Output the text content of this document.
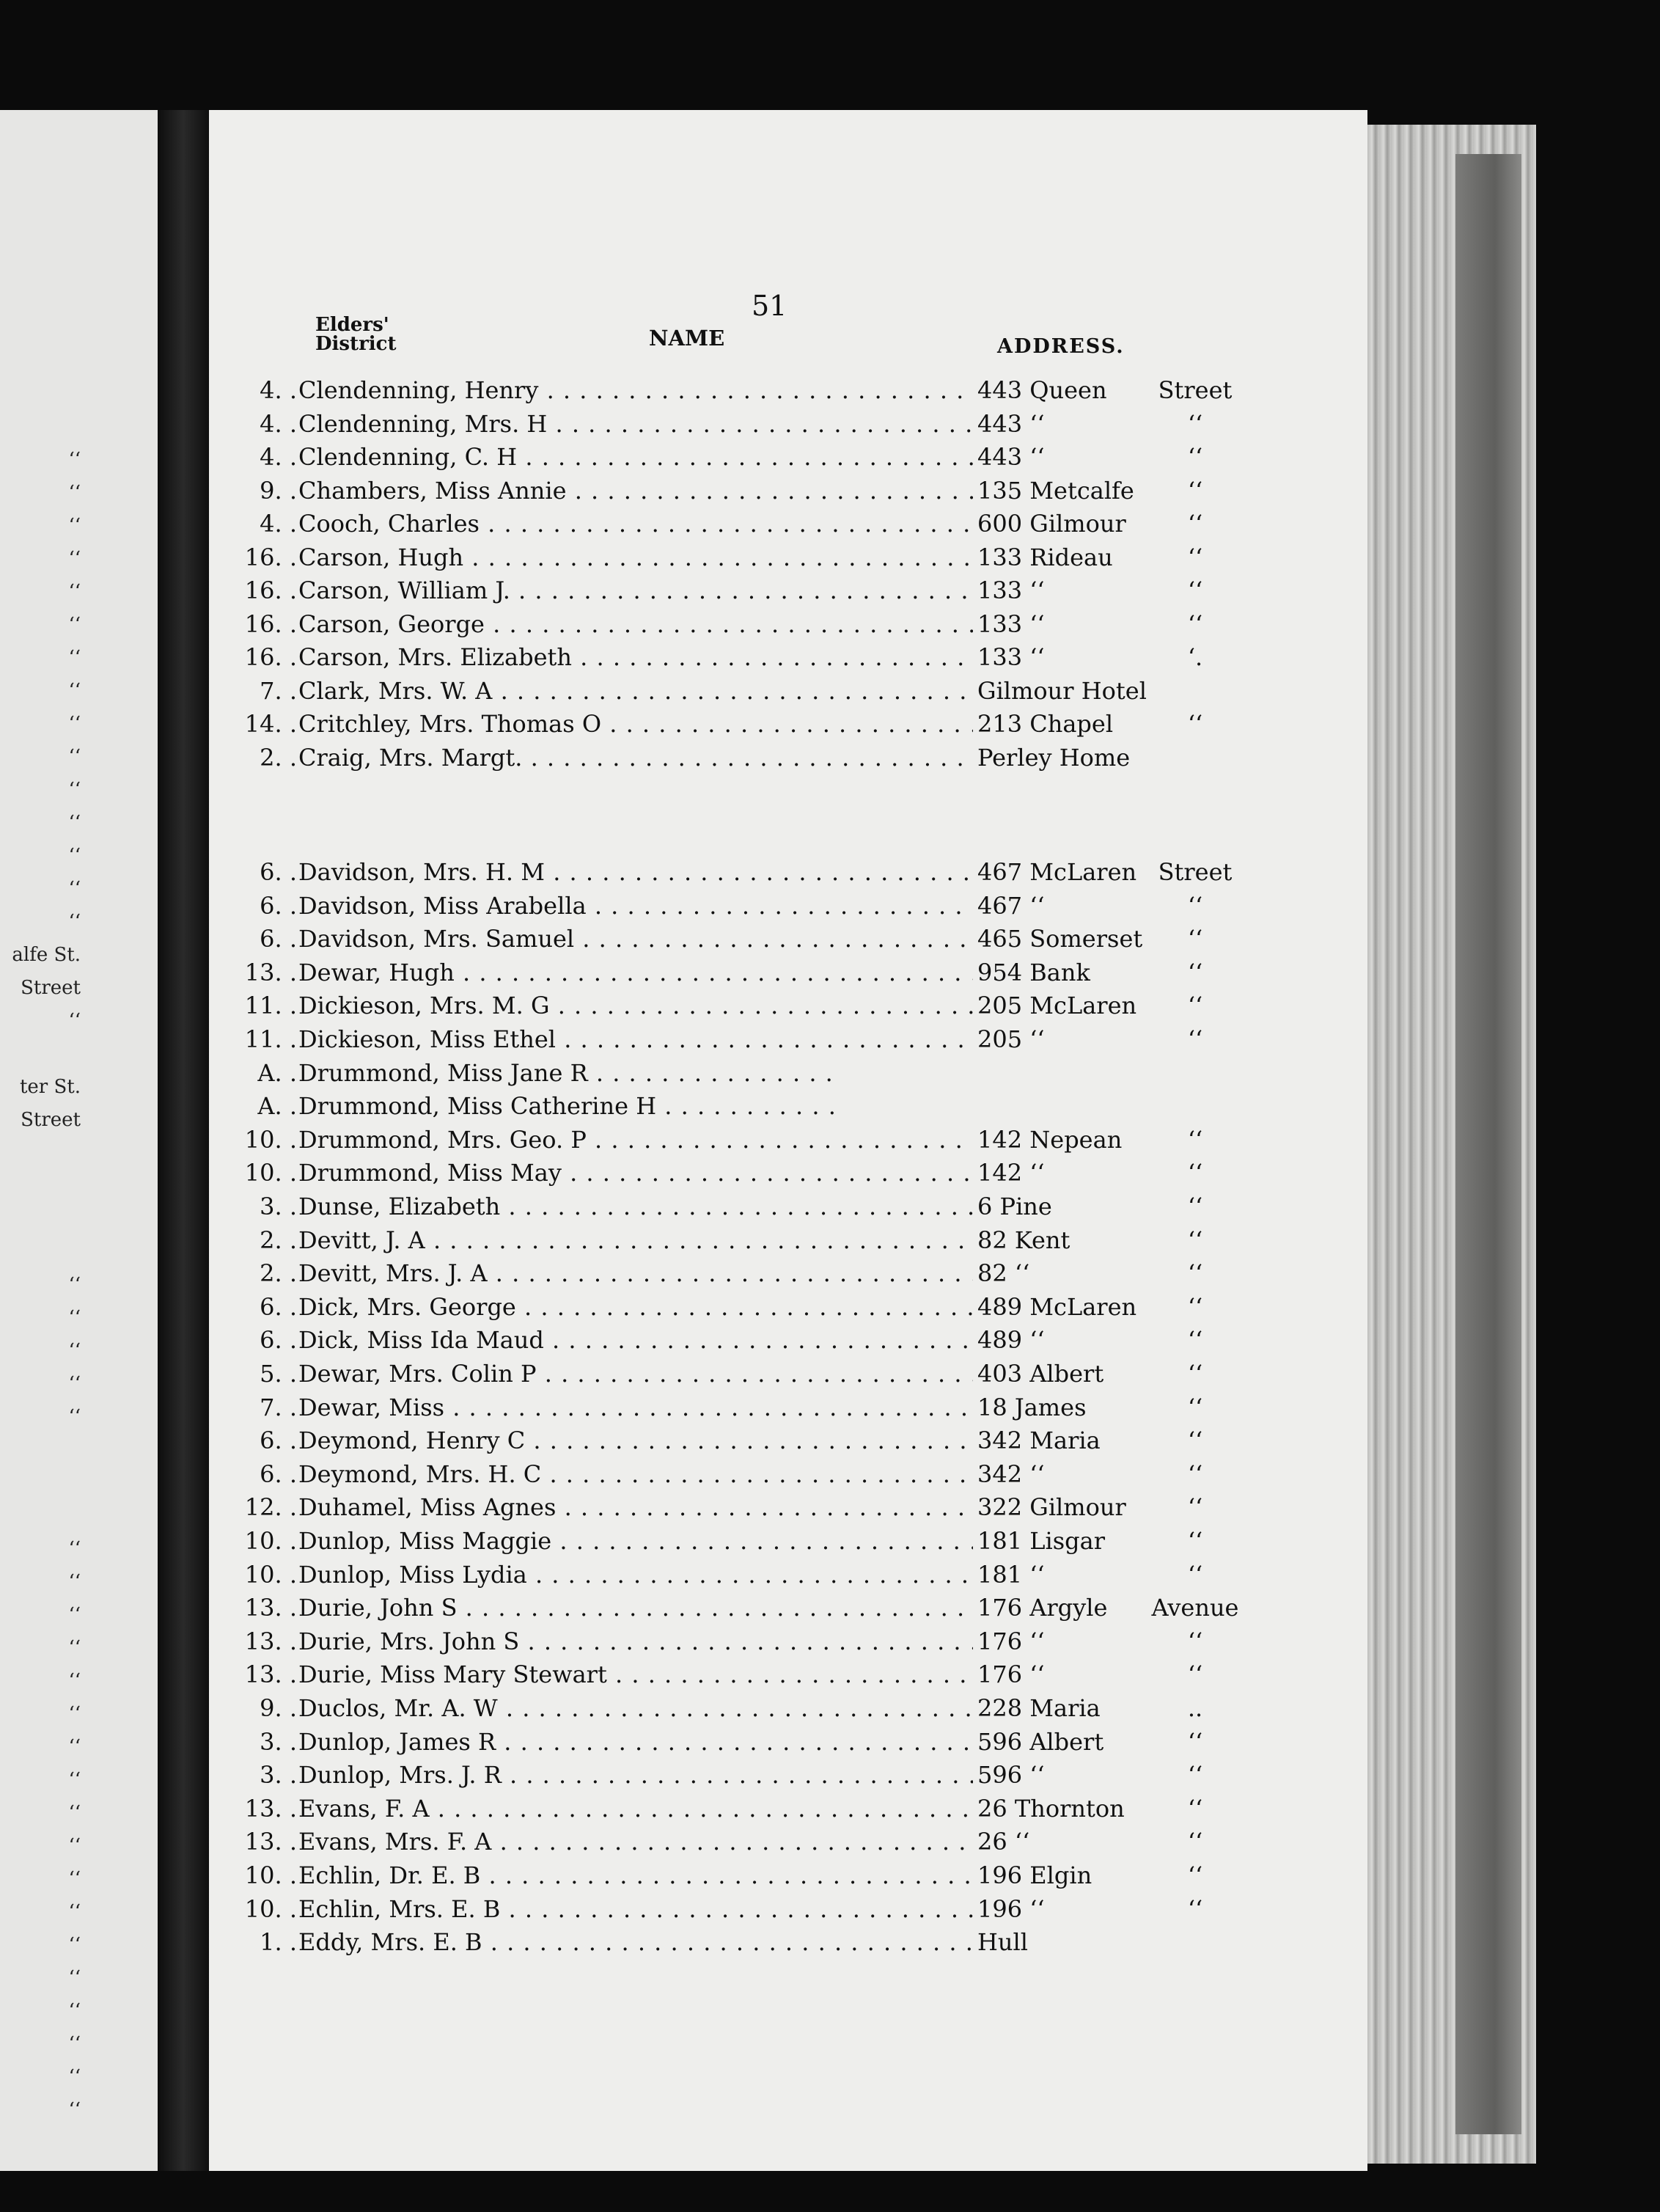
‘‘
‘‘
‘‘
‘‘
‘‘
‘‘
‘‘
‘‘
‘‘
‘‘
‘‘
‘‘
‘‘
‘‘
‘‘
alfe St.
Street
‘‘
ter St.
Street
‘‘
‘‘
‘‘
‘‘
‘‘
‘‘
‘‘
‘‘
‘‘
‘‘
‘‘
‘‘
‘‘
‘‘
‘‘
‘‘
‘‘
‘‘
‘‘
‘‘
‘‘
‘‘
‘‘
51
Elders'
District	NAME	ADDRESS.
4. . Clendenning, Henry . . .	443 Queen	Street
4. . Clendenning, Mrs. H . . .	443 ‘‘	‘‘
4. . Clendenning, C. H . . .	443 ‘‘	‘‘
9. . Chambers, Miss Annie . . .	135 Metcalfe	‘‘
4. . Cooch, Charles . . .	600 Gilmour	‘‘
16. . Carson, Hugh . . .	133 Rideau	‘‘
16. . Carson, William J. . . .	133 ‘‘	‘‘
16. . Carson, George . . .	133 ‘‘	‘‘
16. . Carson, Mrs. Elizabeth . . .	133 ‘‘	‘.
7. . Clark, Mrs. W. A . . .	Gilmour Hotel
14. . Critchley, Mrs. Thomas O . . .	213 Chapel	‘‘
2. . Craig, Mrs. Margt. . . .	Perley Home
6. . Davidson, Mrs. H. M . . .	467 McLaren Street
6. . Davidson, Miss Arabella . . .	467 ‘‘	‘‘
6. . Davidson, Mrs. Samuel . . .	465 Somerset	‘‘
13. . Dewar, Hugh . . .	954 Bank	‘‘
11. . Dickieson, Mrs. M. G . . .	205 McLaren	‘‘
11. . Dickieson, Miss Ethel . . .	205 ‘‘	‘‘
A. . Drummond, Miss Jane R . . .
A. . Drummond, Miss Catherine H . . .
10. . Drummond, Mrs. Geo. P . . .	142 Nepean	‘‘
10. . Drummond, Miss May . . .	142 ‘‘	‘‘
3. . Dunse, Elizabeth . . .	6 Pine	‘‘
2. . Devitt, J. A . . .	82 Kent	‘‘
2. . Devitt, Mrs. J. A . . .	82 ‘‘	‘‘
6. . Dick, Mrs. George . . .	489 McLaren	‘‘
6. . Dick, Miss Ida Maud . . .	489 ‘‘	‘‘
5. . Dewar, Mrs. Colin P . . .	403 Albert	‘‘
7. . Dewar, Miss . . .	18 James	‘‘
6. . Deymond, Henry C . . .	342 Maria	‘‘
6. . Deymond, Mrs. H. C . . .	342 ‘‘	‘‘
12. . Duhamel, Miss Agnes . . .	322 Gilmour	‘‘
10. . Dunlop, Miss Maggie . . .	181 Lisgar	‘‘
10. . Dunlop, Miss Lydia . . .	181 ‘‘	‘‘
13. . Durie, John S . . .	176 Argyle	Avenue
13. . Durie, Mrs. John S . . .	176 ‘‘	‘‘
13. . Durie, Miss Mary Stewart . . .	176 ‘‘	‘‘
9. . Duclos, Mr. A. W . . .	228 Maria	..
3. . Dunlop, James R . . .	596 Albert	‘‘
3. . Dunlop, Mrs. J. R . . .	596 ‘‘	‘‘
13. . Evans, F. A . . .	26 Thornton	‘‘
13. . Evans, Mrs. F. A . . .	26 ‘‘	‘‘
10. . Echlin, Dr. E. B . . .	196 Elgin	‘‘
10. . Echlin, Mrs. E. B . . .	196 ‘‘	‘‘
1. . Eddy, Mrs. E. B . . .	Hull
